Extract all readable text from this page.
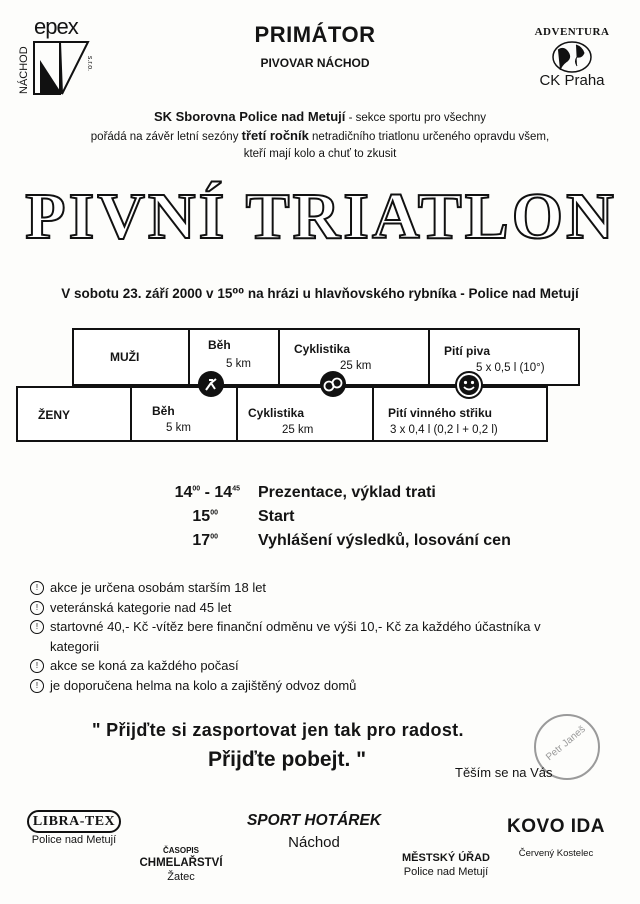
epex
NÁCHOD	s.r.o.
PRIMÁTOR
PIVOVAR NÁCHOD
ADVENTURA
CK Praha
SK Sborovna Police nad Metují - sekce sportu pro všechny
pořádá na závěr letní sezóny třetí ročník netradičního triatlonu určeného opravdu všem,
kteří mají kolo a chuť to zkusit
PIVNÍ TRIATLON
V sobotu 23. září 2000 v 15⁰⁰ na hrázi u hlavňovského rybníka - Police nad Metují
MUŽI
Běh
5 km
Cyklistika
25 km
Pití piva
5 x 0,5 l (10°)
ŽENY	Běh
5 km
Cyklistika
25 km
Pití vinného střiku
3 x 0,4 l (0,2 l + 0,2 l)
$14^{00} - 14^{45}$ Prezentace, výklad trati
$15^{00}$	Start
$17^{00}$	Vyhlášení výsledků, losování cen
! akce je určena osobám starším 18 let
! veteránská kategorie nad 45 let
! startovné 40,- Kč -vítěz bere finanční odměnu ve výši 10,- Kč za každého účastníka v kategorii
! akce se koná za každého počasí
! je doporučena helma na kolo a zajištěný odvoz domů
Petr Janeš
" Přijďte si zasportovat jen tak pro radost.
Přijďte pobejt. "
Těším se na Vás
LIBRA-TEX
Police nad Metují
ČASOPIS
CHMELAŘSTVÍ
Žatec
SPORT HOTÁREK
Náchod
MĚSTSKÝ ÚŘAD
Police nad Metují
KOVO IDA
Červený Kostelec
